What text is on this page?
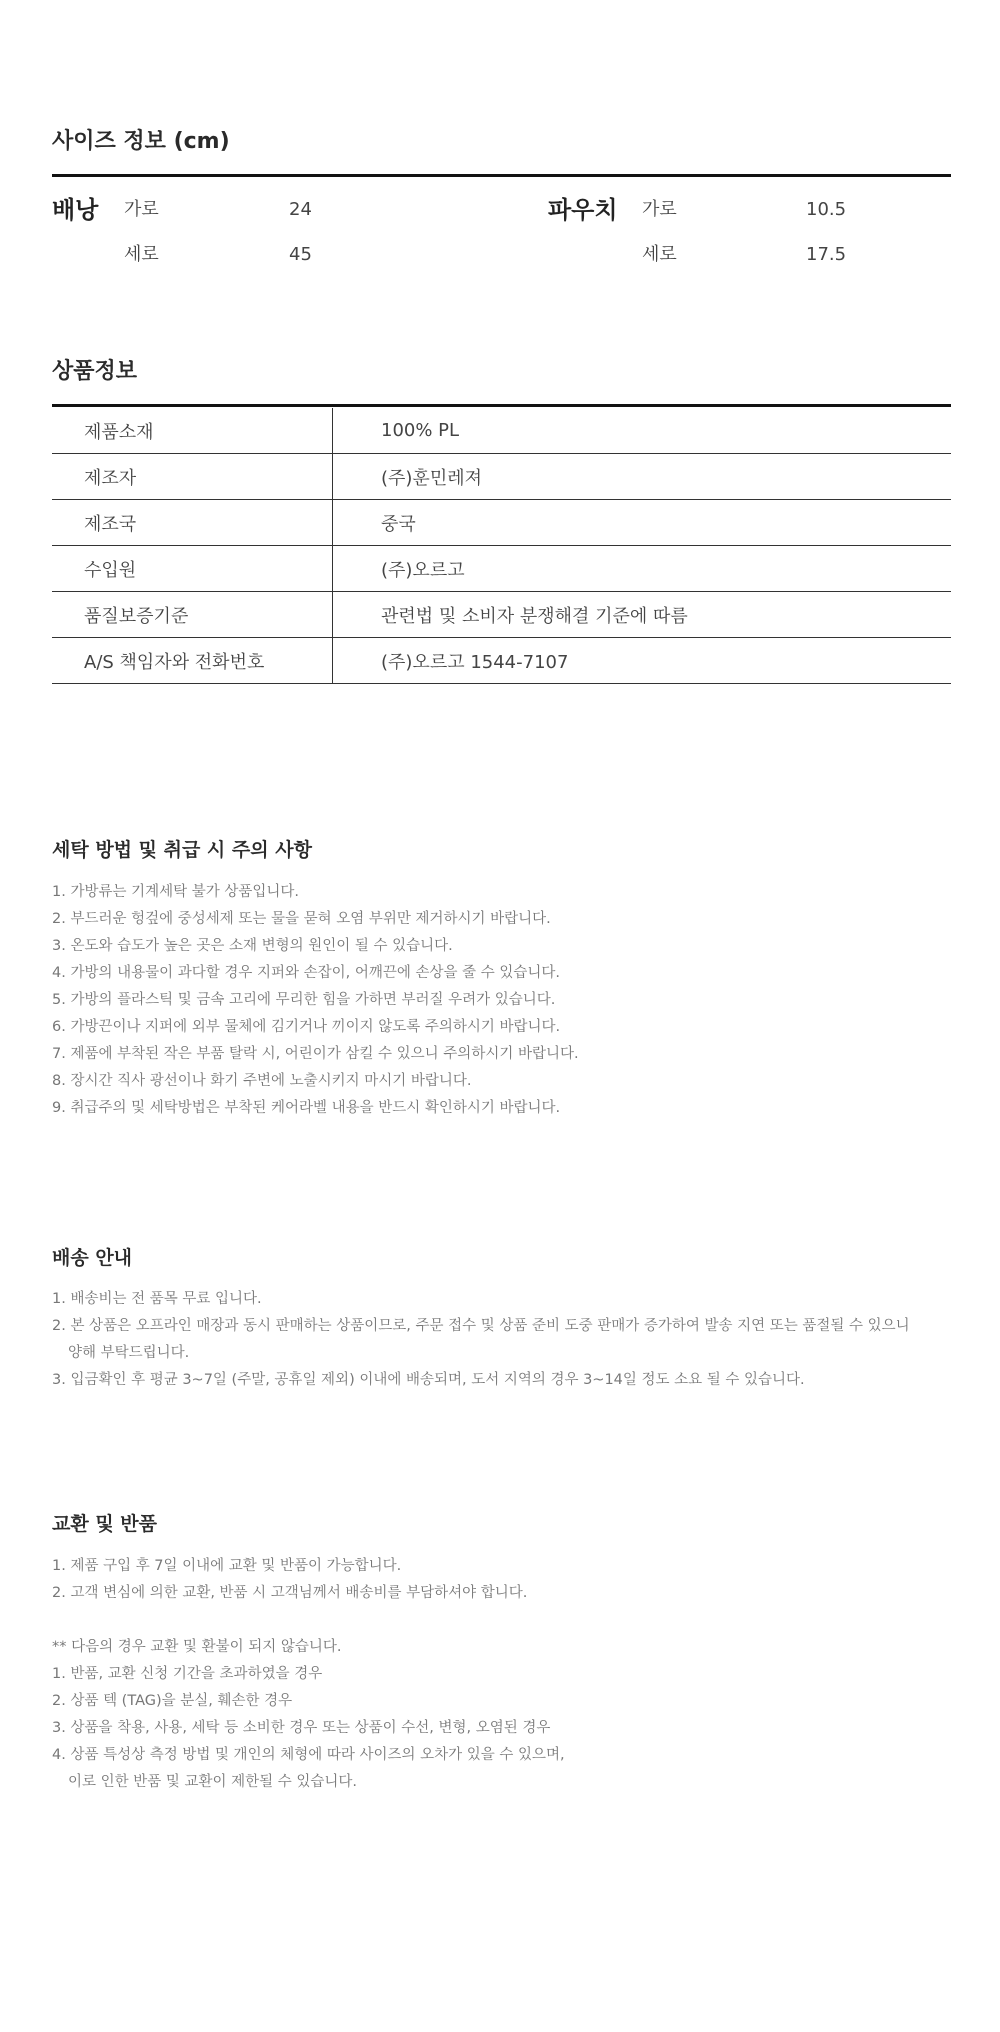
사이즈 정보 (cm)
배낭 가로	24	파우치 가로	10.5
세로	45	세로	17.5
상품정보
제품소재	100% PL
제조자	(주)훈민레져
제조국	중국
수입원	(주)오르고
품질보증기준	관련법 및 소비자 분쟁해결 기준에 따름
A/S 책임자와 전화번호	(주)오르고 1544-7107
세탁 방법 및 취급 시 주의 사항
1. 가방류는 기계세탁 불가 상품입니다.
2. 부드러운 헝겊에 중성세제 또는 물을 묻혀 오염 부위만 제거하시기 바랍니다.
3. 온도와 습도가 높은 곳은 소재 변형의 원인이 될 수 있습니다.
4. 가방의 내용물이 과다할 경우 지퍼와 손잡이, 어깨끈에 손상을 줄 수 있습니다.
5. 가방의 플라스틱 및 금속 고리에 무리한 힘을 가하면 부러질 우려가 있습니다.
6. 가방끈이나 지퍼에 외부 물체에 김기거나 끼이지 않도록 주의하시기 바랍니다.
7. 제품에 부착된 작은 부품 탈락 시, 어린이가 삼킬 수 있으니 주의하시기 바랍니다.
8. 장시간 직사 광선이나 화기 주변에 노출시키지 마시기 바랍니다.
9. 취급주의 및 세탁방법은 부착된 케어라벨 내용을 반드시 확인하시기 바랍니다.
배송 안내
1. 배송비는 전 품목 무료 입니다.
2. 본 상품은 오프라인 매장과 동시 판매하는 상품이므로, 주문 접수 및 상품 준비 도중 판매가 증가하여 발송 지연 또는 품절될 수 있으니
양해 부탁드립니다.
3. 입금확인 후 평균 3~7일 (주말, 공휴일 제외) 이내에 배송되며, 도서 지역의 경우 3~14일 정도 소요 될 수 있습니다.
교환 및 반품
1. 제품 구입 후 7일 이내에 교환 및 반품이 가능합니다.
2. 고객 변심에 의한 교환, 반품 시 고객님께서 배송비를 부담하셔야 합니다.
** 다음의 경우 교환 및 환불이 되지 않습니다.
1. 반품, 교환 신청 기간을 초과하였을 경우
2. 상품 텍 (TAG)을 분실, 훼손한 경우
3. 상품을 착용, 사용, 세탁 등 소비한 경우 또는 상품이 수선, 변형, 오염된 경우
4. 상품 특성상 측정 방법 및 개인의 체형에 따라 사이즈의 오차가 있을 수 있으며,
이로 인한 반품 및 교환이 제한될 수 있습니다.
